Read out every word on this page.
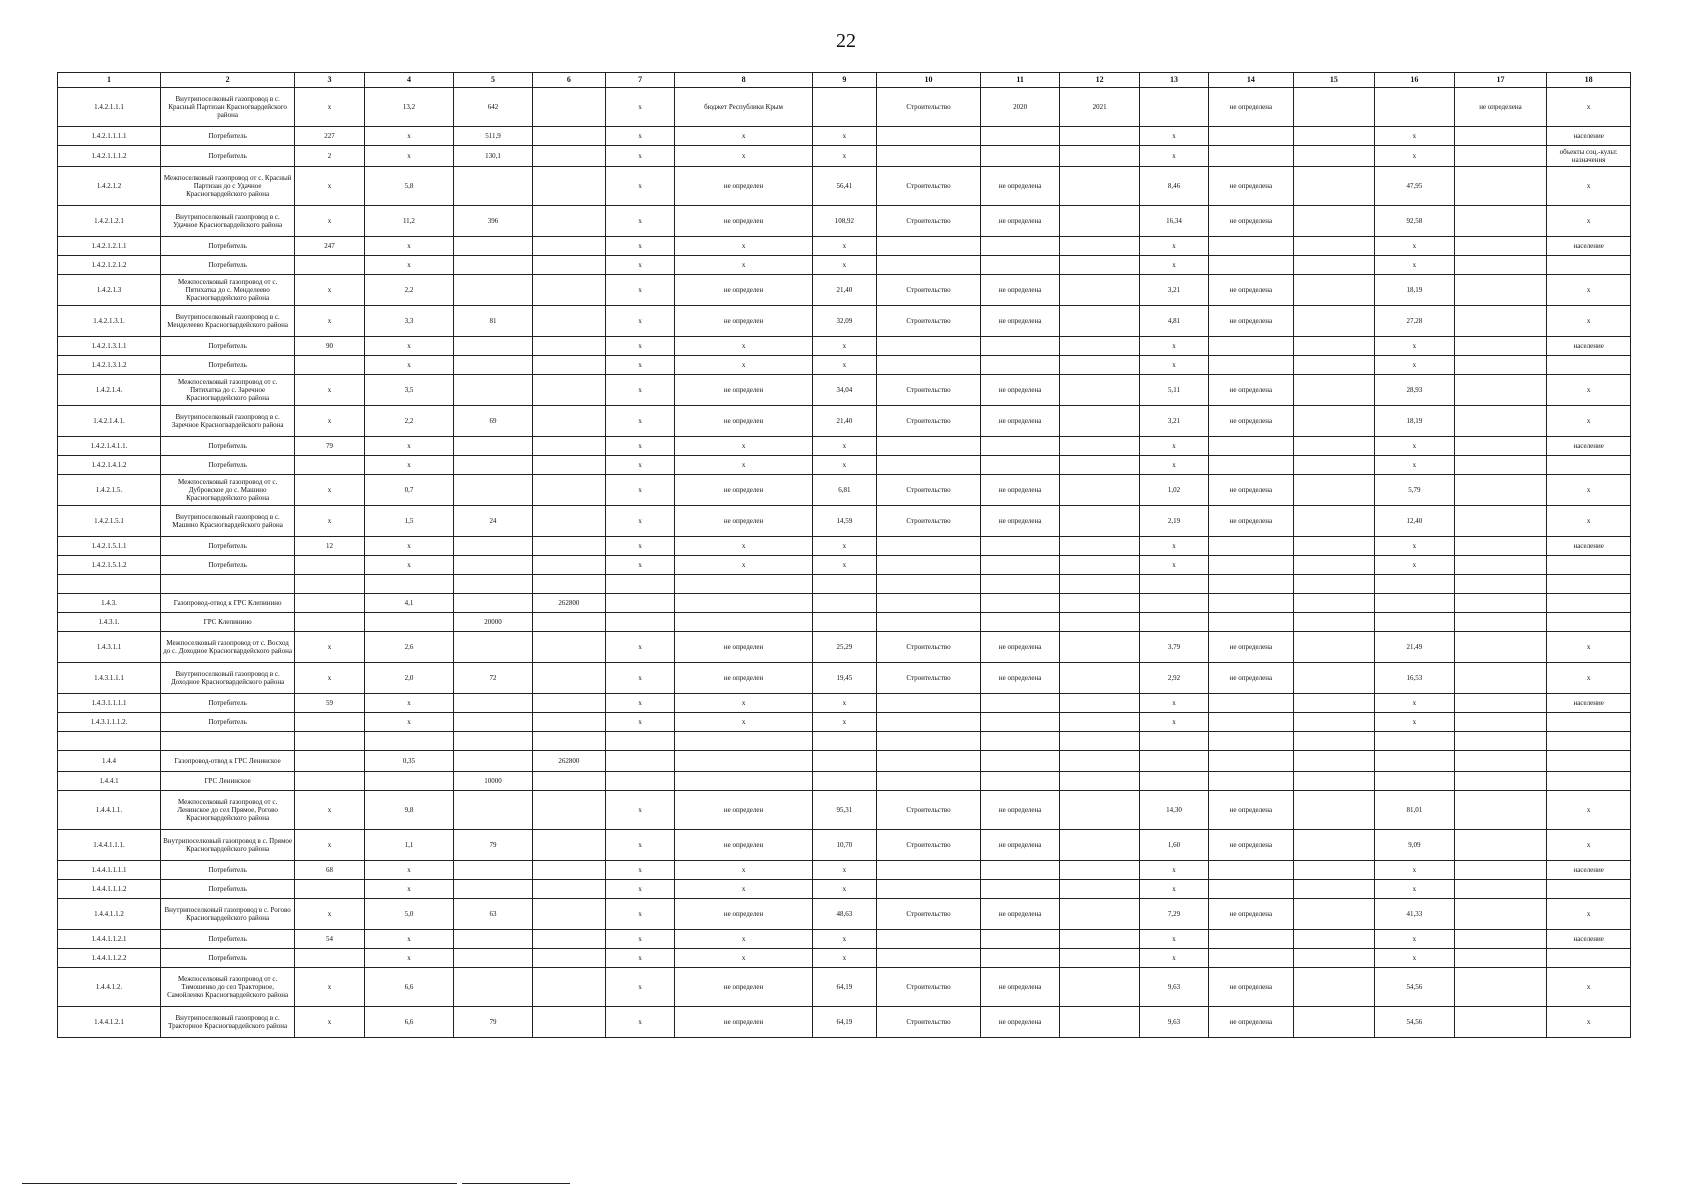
22
1	2	3	4	5	6	7	8	9	10	11	12	13	14	15	16	17	18
1.4.2.1.1.1	Внутрипоселковый газопровод в с. Красный Партизан Красногвардейского района	х	13,2	642		х	бюджет Республики Крым		Строительство	2020	2021		не определена			не определена	х
1.4.2.1.1.1.1	Потребитель	227	х	511,9		х	х	х				х			х		население
1.4.2.1.1.1.2	Потребитель	2	х	130,1		х	х	х				х			х		объекты соц.-культ. назначения
1.4.2.1.2	Межпоселковый газопровод от с. Красный Партизан до с Удачное Красногвардейского района	х	5,8			х	не определен	56,41	Строительство	не определена		8,46	не определена		47,95		х
1.4.2.1.2.1	Внутрипоселковый газопровод в с. Удачное Красногвардейского района	х	11,2	396		х	не определен	108,92	Строительство	не определена		16,34	не определена		92,58		х
1.4.2.1.2.1.1	Потребитель	247	х			х	х	х				х			х		население
1.4.2.1.2.1.2	Потребитель		х			х	х	х				х			х		
1.4.2.1.3	Межпоселковый газопровод от с. Пятихатка до с. Менделеево Красногвардейского района	х	2,2			х	не определен	21,40	Строительство	не определена		3,21	не определена		18,19		х
1.4.2.1.3.1.	Внутрипоселковый газопровод в с. Менделеево Красногвардейского района	х	3,3	81		х	не определен	32,09	Строительство	не определена		4,81	не определена		27,28		х
1.4.2.1.3.1.1	Потребитель	90	х			х	х	х				х			х		население
1.4.2.1.3.1.2	Потребитель		х			х	х	х				х			х		
1.4.2.1.4.	Межпоселковый газопровод от с. Пятихатка до с. Заречное Красногвардейского района	х	3,5			х	не определен	34,04	Строительство	не определена		5,11	не определена		28,93		х
1.4.2.1.4.1.	Внутрипоселковый газопровод в с. Заречное Красногвардейского района	х	2,2	69		х	не определен	21,40	Строительство	не определена		3,21	не определена		18,19		х
1.4.2.1.4.1.1.	Потребитель	79	х			х	х	х				х			х		население
1.4.2.1.4.1.2	Потребитель		х			х	х	х				х			х		
1.4.2.1.5.	Межпоселковый газопровод от с. Дубровское до с. Машино Красногвардейского района	х	0,7			х	не определен	6,81	Строительство	не определена		1,02	не определена		5,79		х
1.4.2.1.5.1	Внутрипоселковый газопровод в с. Машино Красногвардейского района	х	1,5	24		х	не определен	14,59	Строительство	не определена		2,19	не определена		12,40		х
1.4.2.1.5.1.1	Потребитель	12	х			х	х	х				х			х		население
1.4.2.1.5.1.2	Потребитель		х			х	х	х				х			х		

1.4.3.	Газопровод-отвод к ГРС Клепинино		4,1		262800												
1.4.3.1.	ГРС Клепинино			20000													
1.4.3.1.1	Межпоселковый газопровод от с. Восход до с. Доходное Красногвардейского района	х	2,6			х	не определен	25,29	Строительство	не определена		3,79	не определена		21,49		х
1.4.3.1.1.1	Внутрипоселковый газопровод в с. Доходное Красногвардейского района	х	2,0	72		х	не определен	19,45	Строительство	не определена		2,92	не определена		16,53		х
1.4.3.1.1.1.1	Потребитель	59	х			х	х	х				х			х		население
1.4.3.1.1.1.2.	Потребитель		х			х	х	х				х			х		

1.4.4	Газопровод-отвод к ГРС Ленинское		0,35		262800												
1.4.4.1	ГРС Ленинское			10000													
1.4.4.1.1.	Межпоселковый газопровод от с. Ленинское до сел Прямое, Рогово Красногвардейского района	х	9,8			х	не определен	95,31	Строительство	не определена		14,30	не определена		81,01		х
1.4.4.1.1.1.	Внутрипоселковый газопровод в с. Прямое Красногвардейского района	х	1,1	79		х	не определен	10,70	Строительство	не определена		1,60	не определена		9,09		х
1.4.4.1.1.1.1	Потребитель	68	х			х	х	х				х			х		население
1.4.4.1.1.1.2	Потребитель		х			х	х	х				х			х		
1.4.4.1.1.2	Внутрипоселковый газопровод в с. Рогово Красногвардейского района	х	5,0	63		х	не определен	48,63	Строительство	не определена		7,29	не определена		41,33		х
1.4.4.1.1.2.1	Потребитель	54	х			х	х	х				х			х		население
1.4.4.1.1.2.2	Потребитель		х			х	х	х				х			х		
1.4.4.1.2.	Межпоселковый газопровод от с. Тимошенко до сел Тракторное, Самойленко Красногвардейского района	х	6,6			х	не определен	64,19	Строительство	не определена		9,63	не определена		54,56		х
1.4.4.1.2.1	Внутрипоселковый газопровод в с. Тракторное Красногвардейского района	х	6,6	79		х	не определен	64,19	Строительство	не определена		9,63	не определена		54,56		х
